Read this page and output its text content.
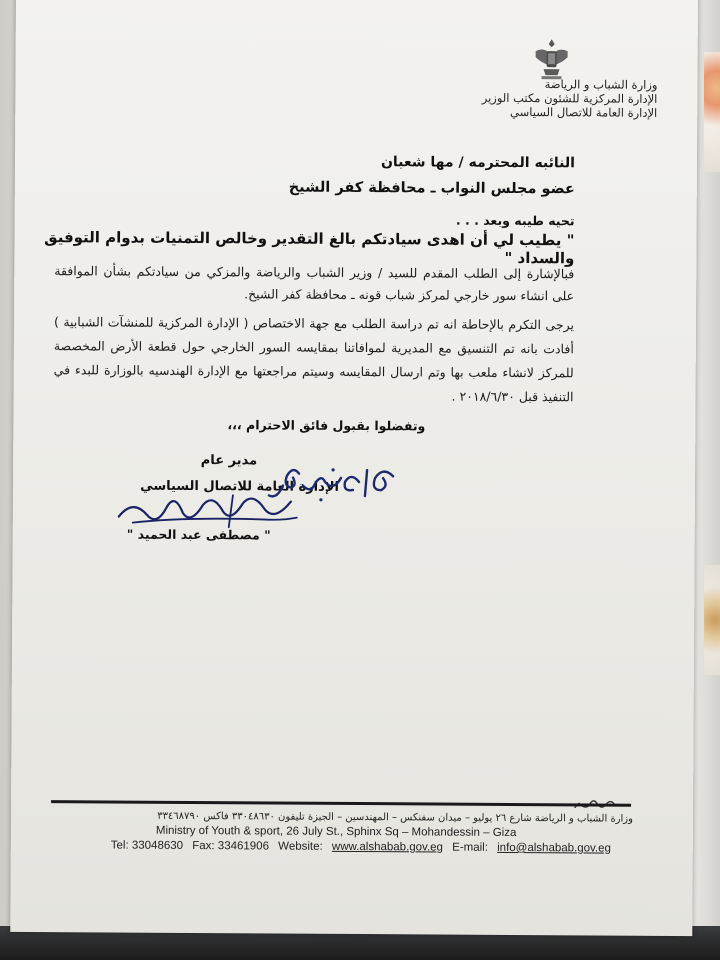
وزارة الشباب و الرياضة
الإدارة المركزية للشئون مكتب الوزير
الإدارة العامة للاتصال السياسي
النائبه المحترمه / مها شعبان
عضو مجلس النواب ـ محافظة كفر الشيخ
تحيه طيبه وبعد . . .
" يطيب لي أن اهدى سيادتكم بالغ التقدير وخالص التمنيات بدوام التوفيق والسداد "
فبالإشارة إلى الطلب المقدم للسيد / وزير الشباب والرياضة والمزكي من سيادتكم بشأن الموافقة على انشاء سور خارجي لمركز شباب قونه ـ محافظة كفر الشيخ.
يرجى التكرم بالإحاطة انه تم دراسة الطلب مع جهة الاختصاص ( الإدارة المركزية للمنشآت الشبابية ) أفادت بانه تم التنسيق مع المديرية لموافاتنا بمقايسه السور الخارجي حول قطعة الأرض المخصصة للمركز لانشاء ملعب بها وتم ارسال المقايسه وسيتم مراجعتها مع الإدارة الهندسيه بالوزارة للبدء في التنفيذ قبل ٢٠١٨/٦/٣٠ .
وتفضلوا بقبول فائق الاحترام ،،،
مدير عام
الإدارة العامة للاتصال السياسي
" مصطفى عبد الحميد "
وزارة الشباب و الرياضة شارع ٢٦ يوليو – ميدان سفنكس – المهندسين – الجيزة تليفون ٣٣٠٤٨٦٣٠ فاكس ٣٣٤٦٨٧٩٠
Ministry of Youth & sport, 26 July St., Sphinx Sq – Mohandessin – Giza
Tel: 33048630 Fax: 33461906 Website: www.alshabab.gov.eg E-mail: info@alshabab.gov.eg
